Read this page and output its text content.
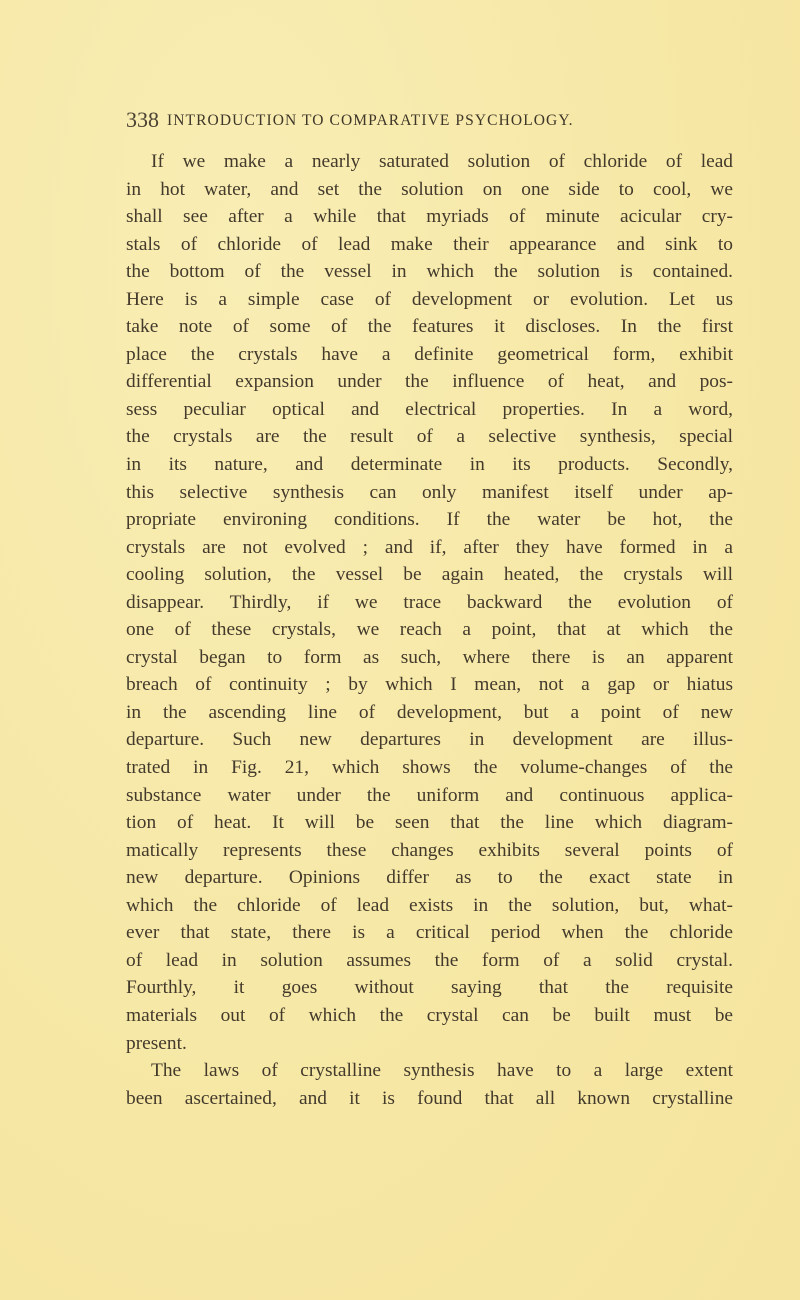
338 INTRODUCTION TO COMPARATIVE PSYCHOLOGY.
If we make a nearly saturated solution of chloride of lead
in hot water, and set the solution on one side to cool, we
shall see after a while that myriads of minute acicular cry-
stals of chloride of lead make their appearance and sink to
the bottom of the vessel in which the solution is contained.
Here is a simple case of development or evolution. Let us
take note of some of the features it discloses. In the first
place the crystals have a definite geometrical form, exhibit
differential expansion under the influence of heat, and pos-
sess peculiar optical and electrical properties. In a word,
the crystals are the result of a selective synthesis, special
in its nature, and determinate in its products. Secondly,
this selective synthesis can only manifest itself under ap-
propriate environing conditions. If the water be hot, the
crystals are not evolved ; and if, after they have formed in a
cooling solution, the vessel be again heated, the crystals will
disappear. Thirdly, if we trace backward the evolution of
one of these crystals, we reach a point, that at which the
crystal began to form as such, where there is an apparent
breach of continuity ; by which I mean, not a gap or hiatus
in the ascending line of development, but a point of new
departure. Such new departures in development are illus-
trated in Fig. 21, which shows the volume-changes of the
substance water under the uniform and continuous applica-
tion of heat. It will be seen that the line which diagram-
matically represents these changes exhibits several points of
new departure. Opinions differ as to the exact state in
which the chloride of lead exists in the solution, but, what-
ever that state, there is a critical period when the chloride
of lead in solution assumes the form of a solid crystal.
Fourthly, it goes without saying that the requisite
materials out of which the crystal can be built must be
present.
The laws of crystalline synthesis have to a large extent
been ascertained, and it is found that all known crystalline
